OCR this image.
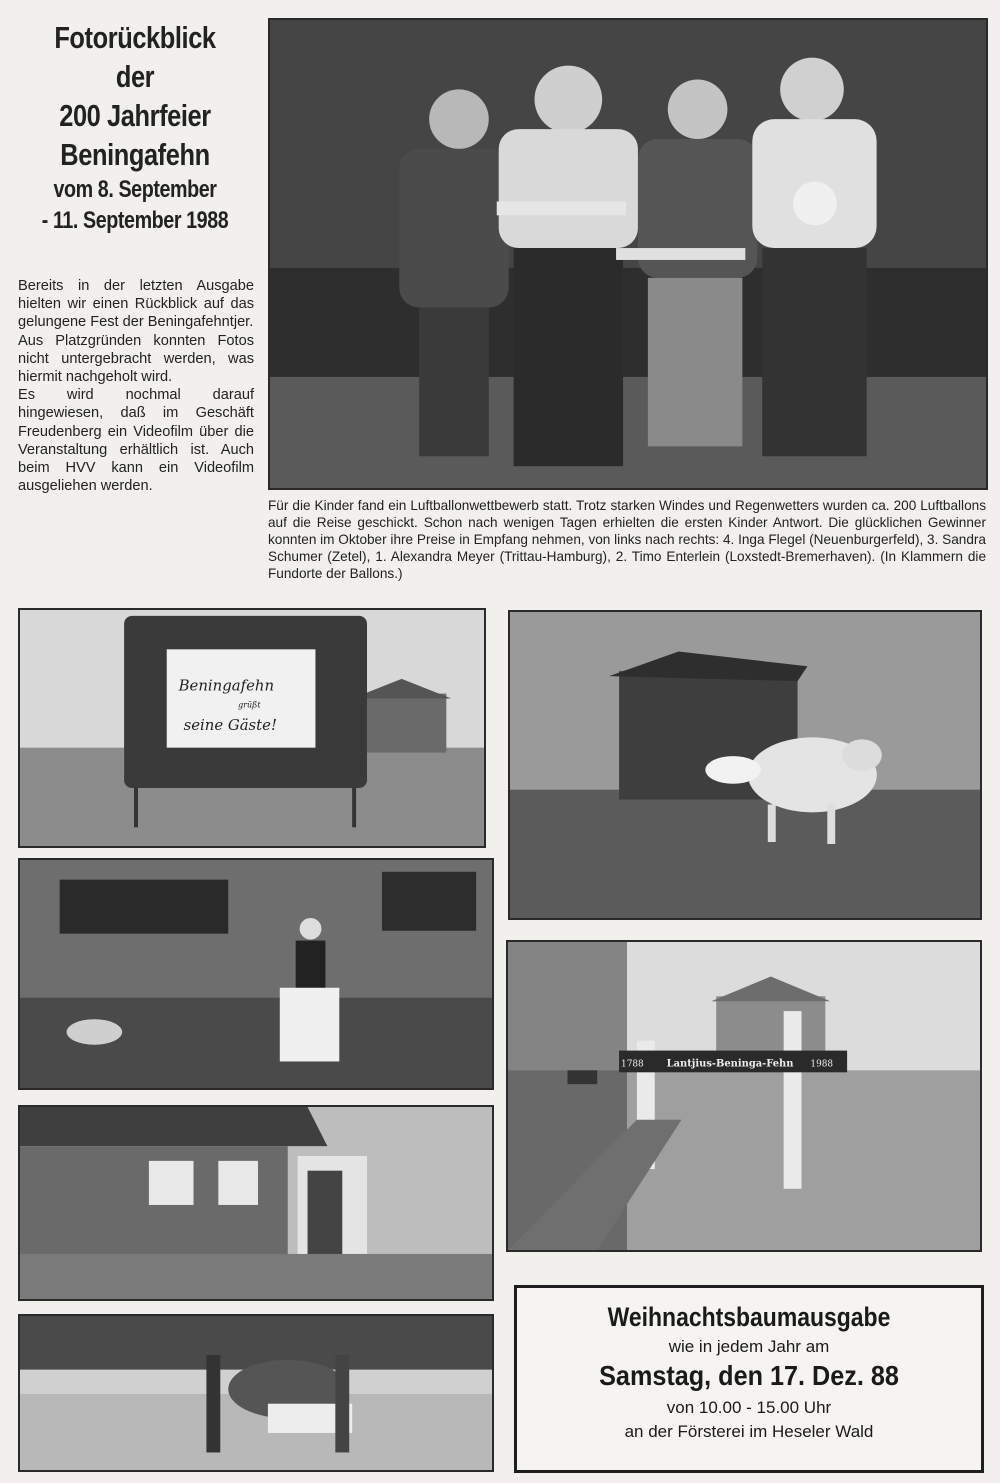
Fotorückblick
der
200 Jahrfeier
Beningafehn
vom 8. September
- 11. September 1988

Bereits in der letzten Ausgabe hielten wir einen Rückblick auf das gelungene Fest der Beningafehntjer.

Aus Platzgründen konnten Fotos nicht untergebracht werden, was hiermit nachgeholt wird.

Es wird nochmal darauf hingewiesen, daß im Geschäft Freudenberg ein Videofilm über die Veranstaltung erhältlich ist. Auch beim HVV kann ein Videofilm ausgeliehen werden.

Für die Kinder fand ein Luftballonwettbewerb statt. Trotz starken Windes und Regenwetters wurden ca. 200 Luftballons auf die Reise geschickt. Schon nach wenigen Tagen erhielten die ersten Kinder Antwort. Die glücklichen Gewinner konnten im Oktober ihre Preise in Empfang nehmen, von links nach rechts: 4. Inga Flegel (Neuenburgerfeld), 3. Sandra Schumer (Zetel), 1. Alexandra Meyer (Trittau-Hamburg), 2. Timo Enterlein (Loxstedt-Bremerhaven). (In Klammern die Fundorte der Ballons.)
Beningafehn
grüßt
seine Gäste!
1788 Lantjius-Beninga-Fehn 1988
Weihnachtsbaumausgabe
wie in jedem Jahr am
Samstag, den 17. Dez. 88
von 10.00 - 15.00 Uhr
an der Försterei im Heseler Wald
